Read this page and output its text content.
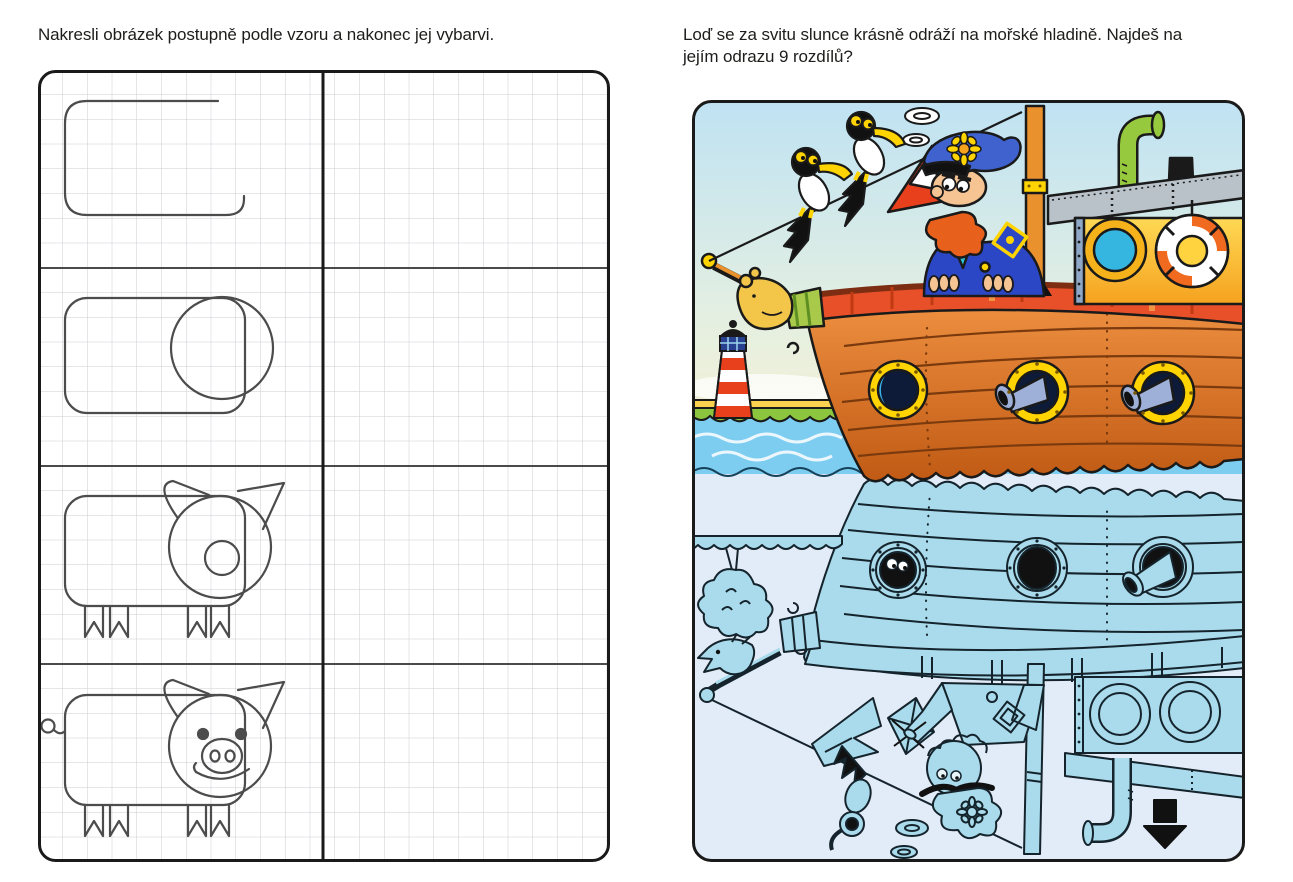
Nakresli obrázek postupně podle vzoru a nakonec jej vybarvi.	Loď se za svitu slunce krásně odráží na mořské hladině. Najdeš na jejím odrazu 9 rozdílů?
